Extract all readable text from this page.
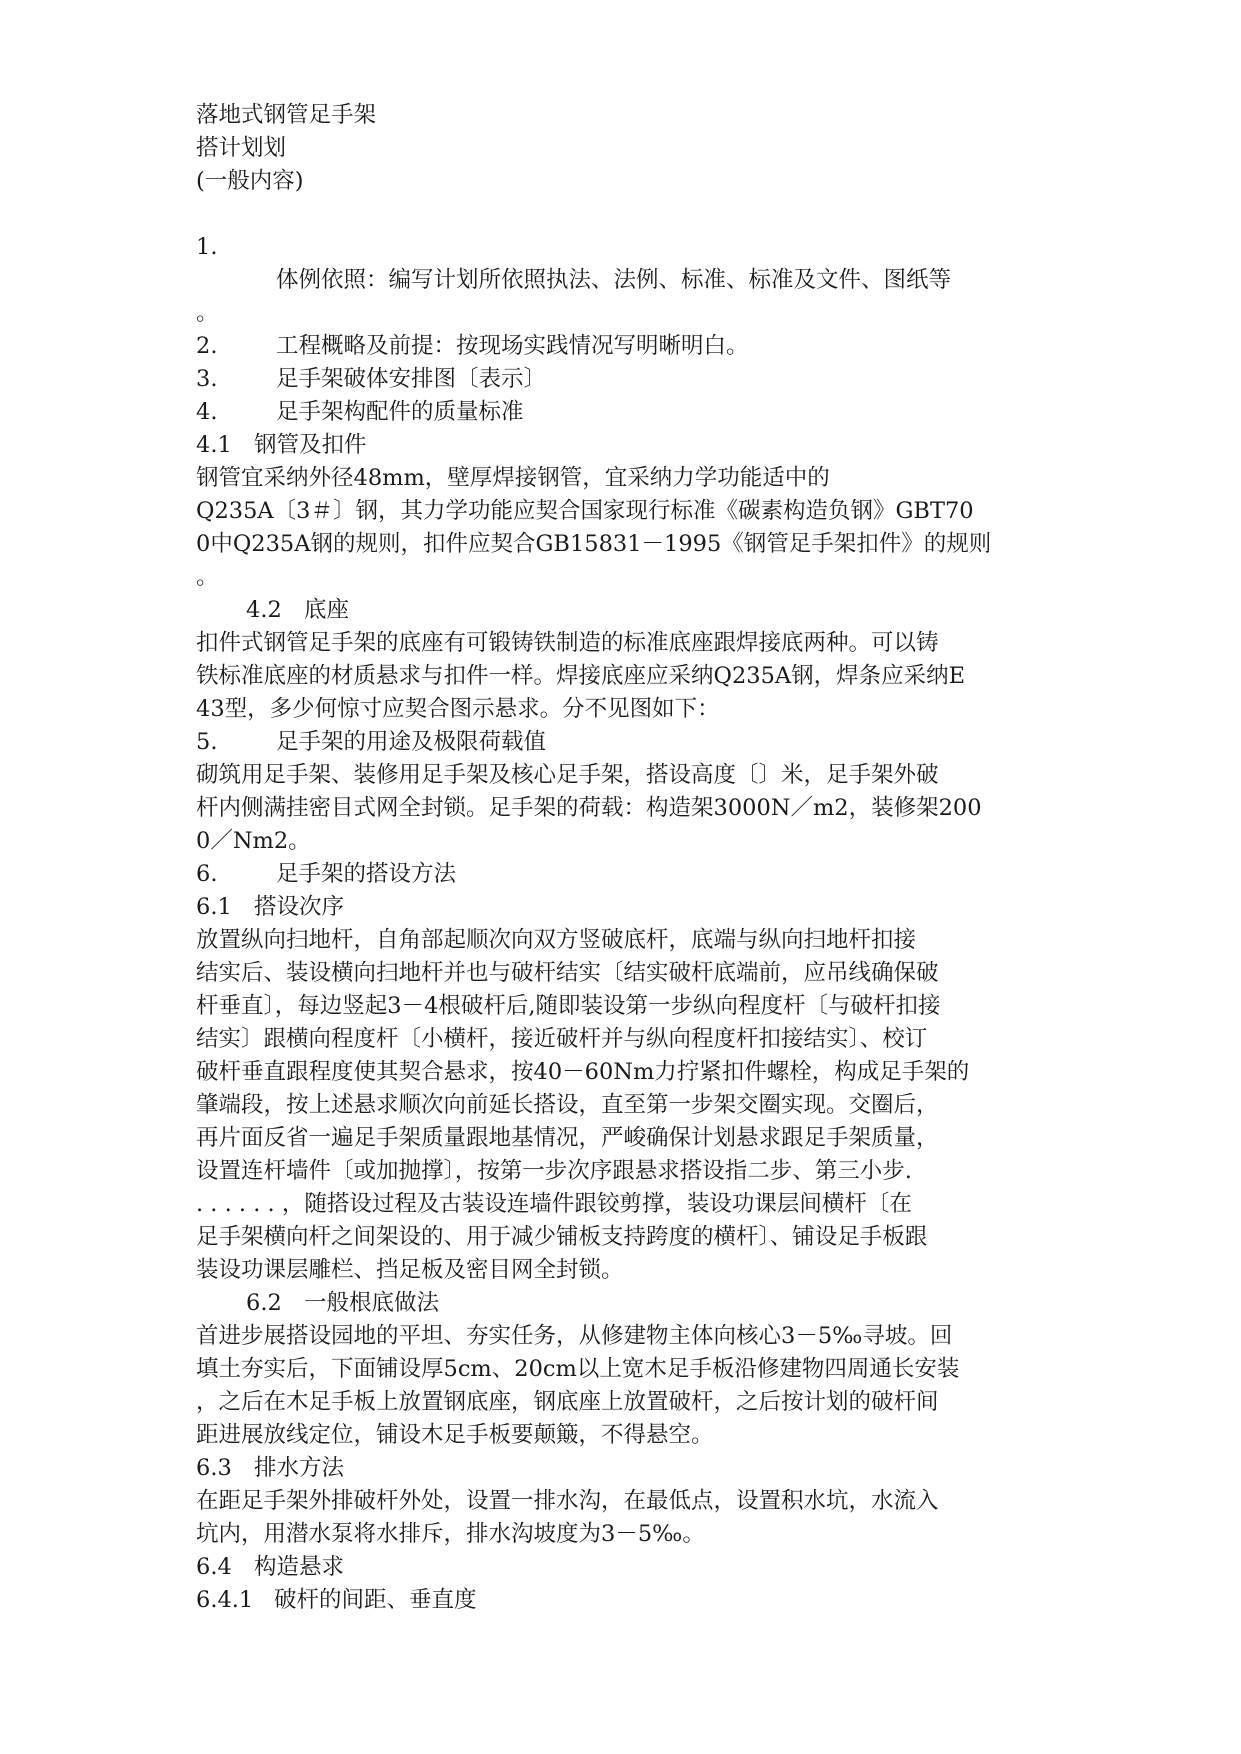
落地式钢管足手架
搭计划划
(一般内容)
1.
体例依照：编写计划所依照执法、法例、标准、标准及文件、图纸等
。
2.	工程概略及前提：按现场实践情况写明晰明白。
3.	足手架破体安排图〔表示〕
4.	足手架构配件的质量标准
4.1 钢管及扣件
钢管宜采纳外径48mm，壁厚焊接钢管，宜采纳力学功能适中的
Q235A〔3＃〕钢，其力学功能应契合国家现行标准《碳素构造负钢》GBT70
0中Q235A钢的规则，扣件应契合GB15831－1995《钢管足手架扣件》的规则
。
4.2 底座
扣件式钢管足手架的底座有可锻铸铁制造的标准底座跟焊接底两种。可以铸
铁标准底座的材质悬求与扣件一样。焊接底座应采纳Q235A钢，焊条应采纳E
43型，多少何惊寸应契合图示悬求。分不见图如下：
5.	足手架的用途及极限荷载值
砌筑用足手架、装修用足手架及核心足手架，搭设高度〔〕米，足手架外破
杆内侧满挂密目式网全封锁。足手架的荷载：构造架3000N／m2，装修架200
0／Nm2。
6.	足手架的搭设方法
6.1 搭设次序
放置纵向扫地杆，自角部起顺次向双方竖破底杆，底端与纵向扫地杆扣接
结实后、装设横向扫地杆并也与破杆结实〔结实破杆底端前，应吊线确保破
杆垂直〕，每边竖起3－4根破杆后,随即装设第一步纵向程度杆〔与破杆扣接
结实〕跟横向程度杆〔小横杆，接近破杆并与纵向程度杆扣接结实〕、校订
破杆垂直跟程度使其契合悬求，按40－60Nm力拧紧扣件螺栓，构成足手架的
肇端段，按上述悬求顺次向前延长搭设，直至第一步架交圈实现。交圈后，
再片面反省一遍足手架质量跟地基情况，严峻确保计划悬求跟足手架质量，
设置连杆墙件〔或加抛撑〕，按第一步次序跟悬求搭设指二步、第三小步.
. . . . . . ，随搭设过程及古装设连墙件跟铰剪撑，装设功课层间横杆〔在
足手架横向杆之间架设的、用于减少铺板支持跨度的横杆〕、铺设足手板跟
装设功课层雕栏、挡足板及密目网全封锁。
6.2 一般根底做法
首进步展搭设园地的平坦、夯实任务，从修建物主体向核心3－5‰寻坡。回
填土夯实后，下面铺设厚5cm、20cm以上宽木足手板沿修建物四周通长安装
，之后在木足手板上放置钢底座，钢底座上放置破杆，之后按计划的破杆间
距进展放线定位，铺设木足手板要颠簸，不得悬空。
6.3 排水方法
在距足手架外排破杆外处，设置一排水沟，在最低点，设置积水坑，水流入
坑内，用潜水泵将水排斥，排水沟坡度为3－5‰。
6.4 构造悬求
6.4.1 破杆的间距、垂直度
